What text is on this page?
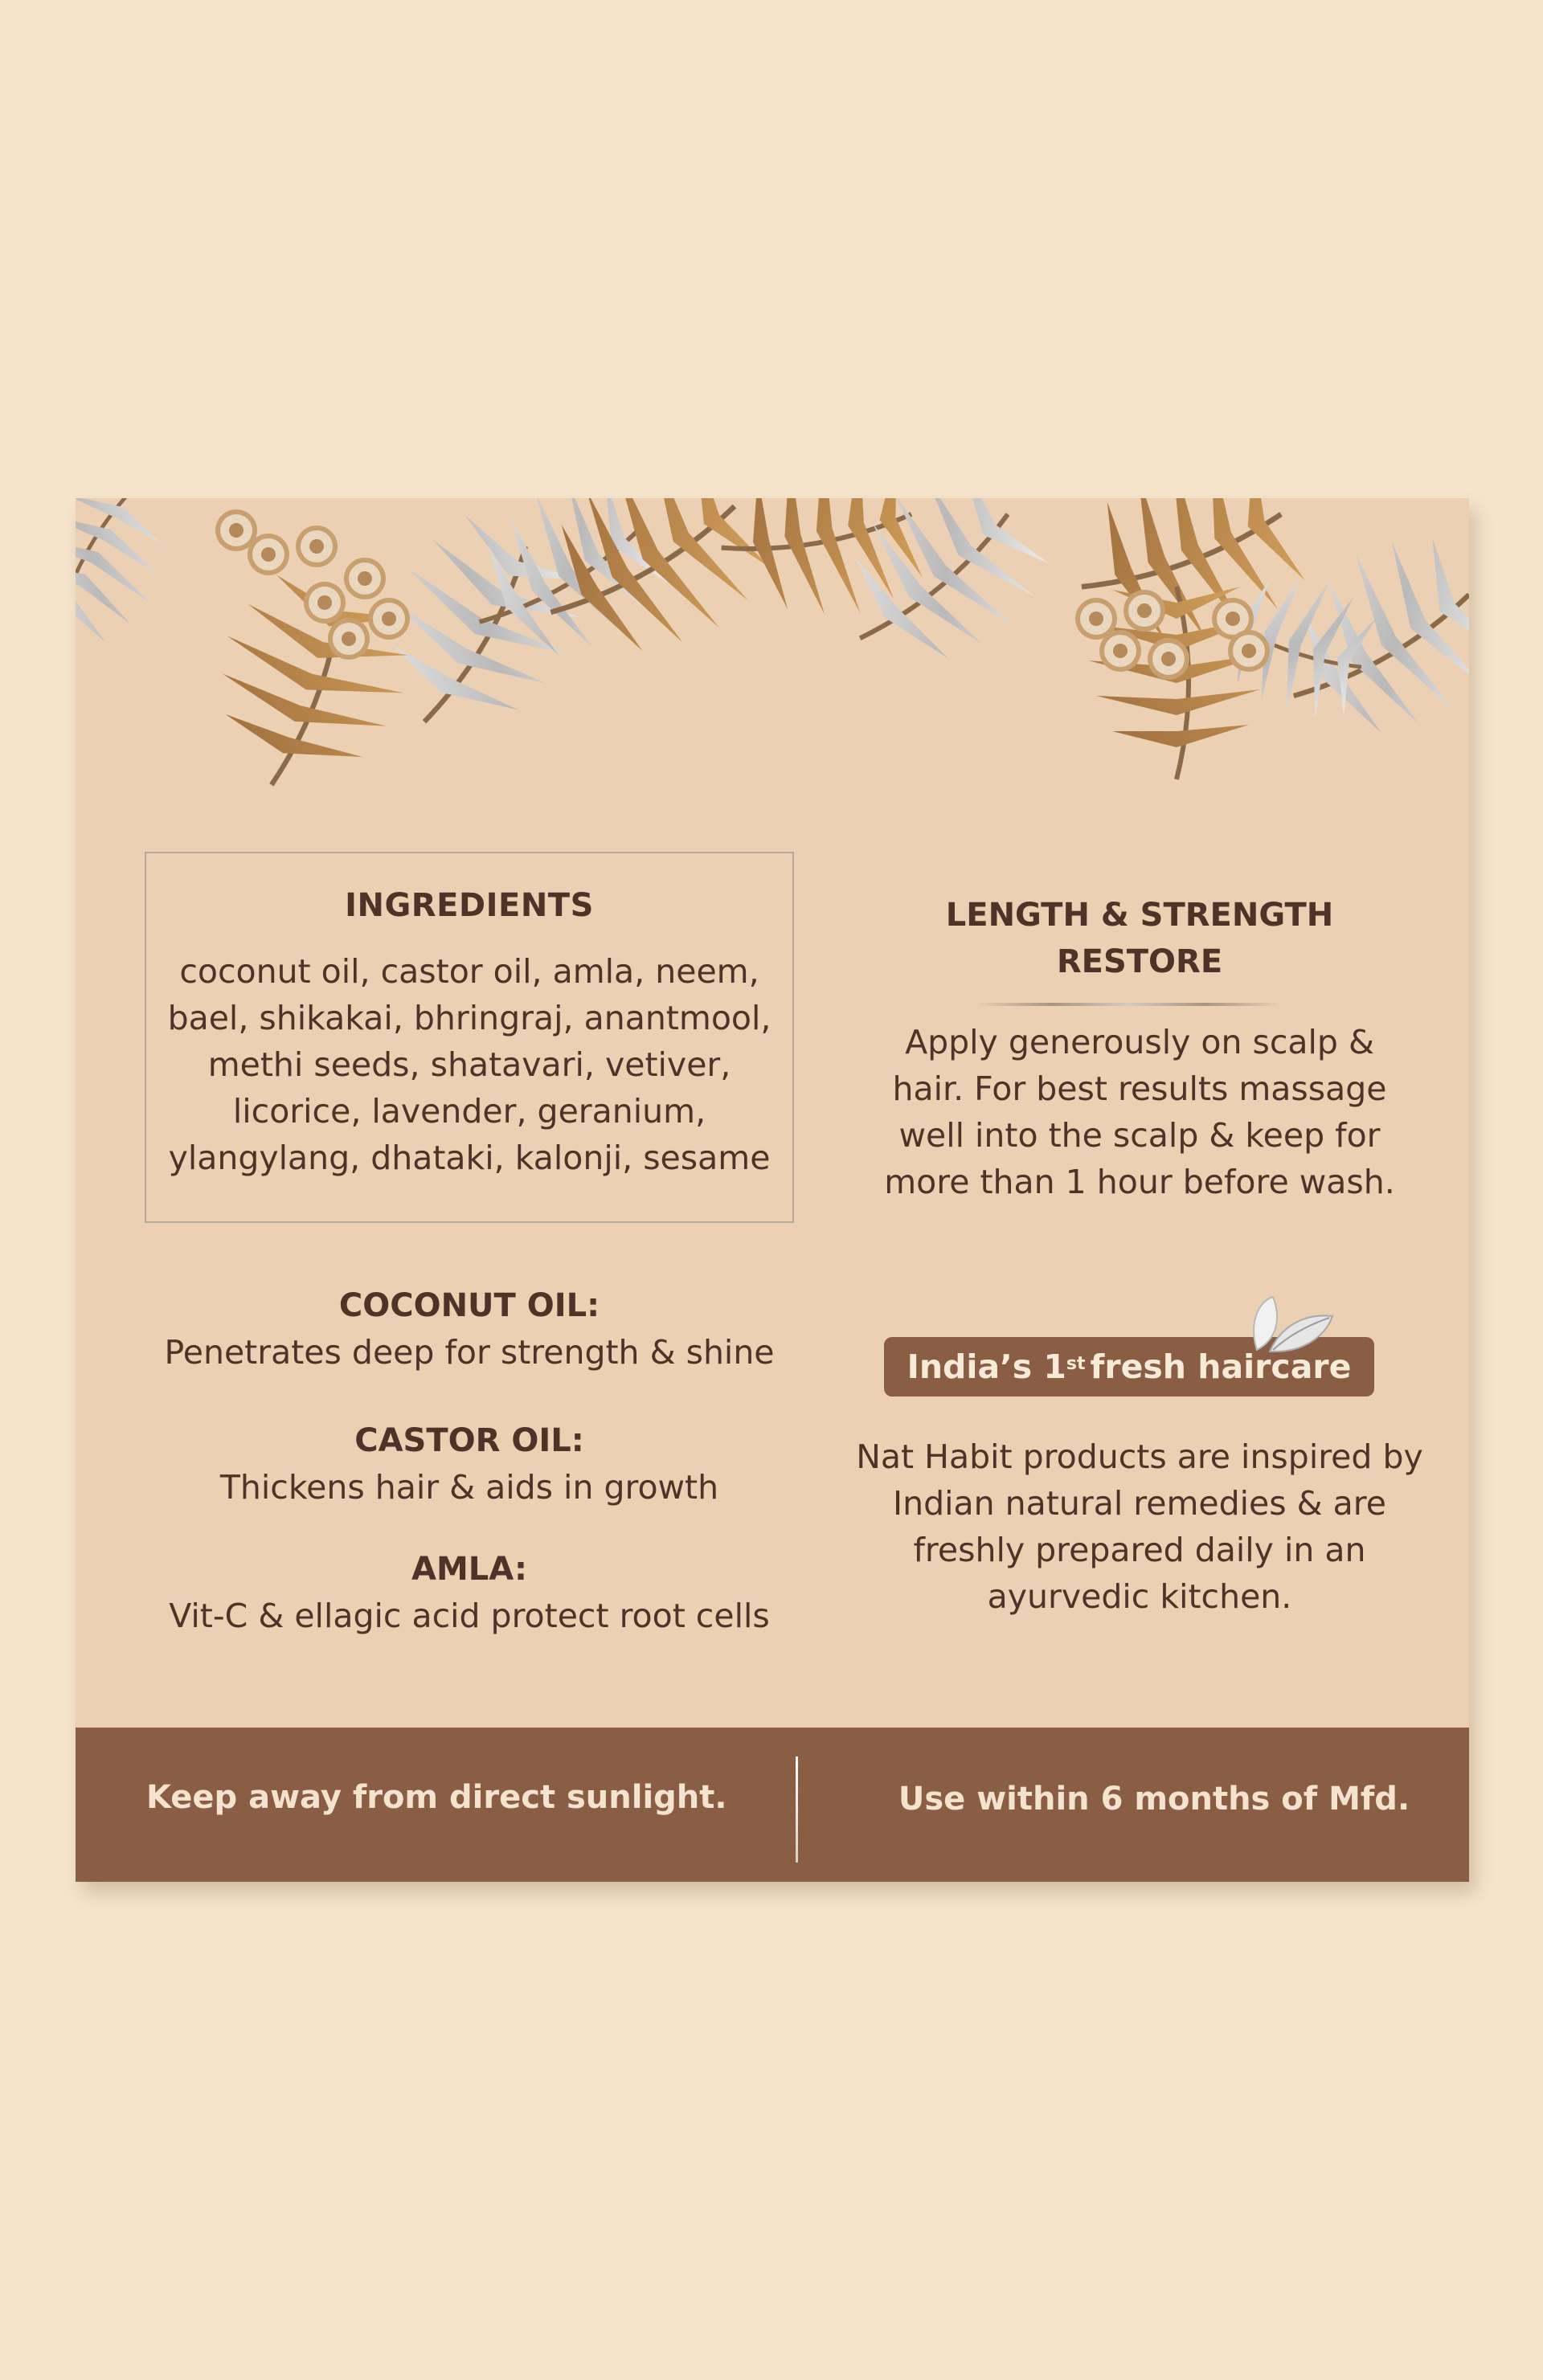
INGREDIENTS
coconut oil, castor oil, amla, neem,
bael, shikakai, bhringraj, anantmool,
methi seeds, shatavari, vetiver,
licorice, lavender, geranium,
ylangylang, dhataki, kalonji, sesame
LENGTH & STRENGTH
RESTORE
Apply generously on scalp &
hair. For best results massage
well into the scalp & keep for
more than 1 hour before wash.
COCONUT OIL:
Penetrates deep for strength & shine
CASTOR OIL:
Thickens hair & aids in growth
AMLA:
Vit-C & ellagic acid protect root cells
India’s 1st fresh haircare
Nat Habit products are inspired by
Indian natural remedies & are
freshly prepared daily in an
ayurvedic kitchen.
Keep away from direct sunlight.	Use within 6 months of Mfd.
